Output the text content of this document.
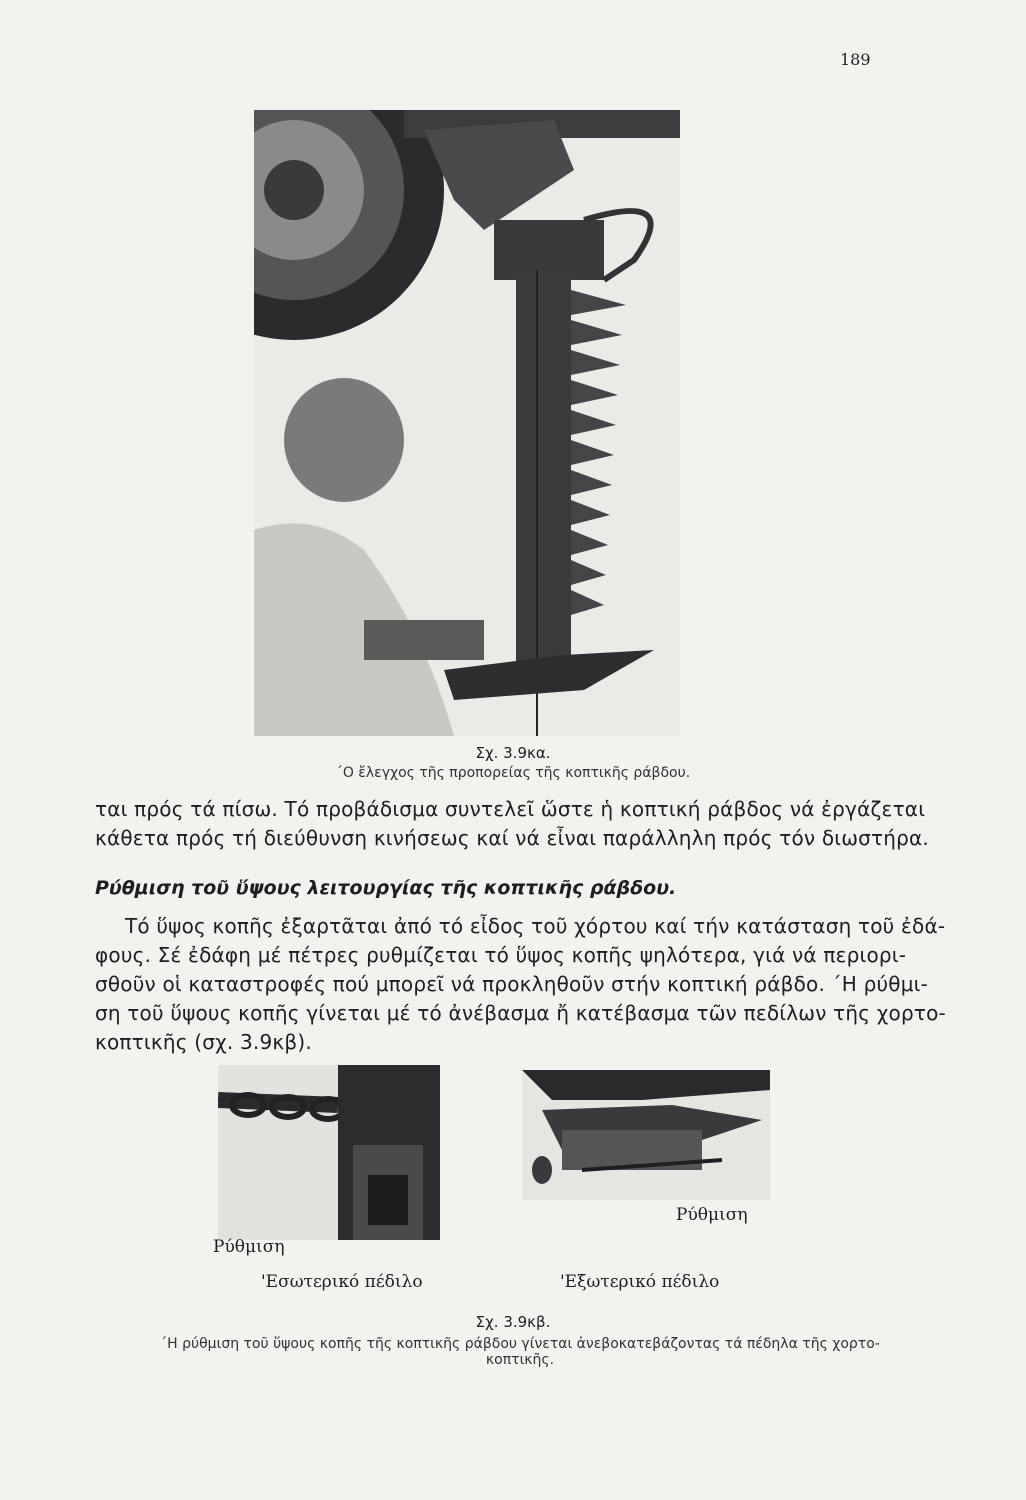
189
Σχ. 3.9κα.
΄Ο ἔλεγχος τῆς προπορείας τῆς κοπτικῆς ράβδου.
ται πρός τά πίσω. Τό προβάδισμα συντελεῖ ὥστε ἡ κοπτική ράβδος νά ἐργάζεται
κάθετα πρός τή διεύθυνση κινήσεως καί νά εἶναι παράλληλη πρός τόν διωστήρα.
Ρύθμιση τοῦ ὕψους λειτουργίας τῆς κοπτικῆς ράβδου.
Τό ὕψος κοπῆς ἐξαρτᾶται ἀπό τό εἶδος τοῦ χόρτου καί τήν κατάσταση τοῦ ἐδά-
φους. Σέ ἐδάφη μέ πέτρες ρυθμίζεται τό ὕψος κοπῆς ψηλότερα, γιά νά περιορι-
σθοῦν οἱ καταστροφές πού μπορεῖ νά προκληθοῦν στήν κοπτική ράβδο. ΄Η ρύθμι-
ση τοῦ ὕψους κοπῆς γίνεται μέ τό ἀνέβασμα ἤ κατέβασμα τῶν πεδίλων τῆς χορτο-
κοπτικῆς (σχ. 3.9κβ).
Ρύθμιση
Ρύθμιση
'Εσωτερικό πέδιλο	'Εξωτερικό πέδιλο
Σχ. 3.9κβ.
΄Η ρύθμιση τοῦ ὕψους κοπῆς τῆς κοπτικῆς ράβδου γίνεται ἀνεβοκατεβάζοντας τά πέδηλα τῆς χορτο-
κοπτικῆς.
